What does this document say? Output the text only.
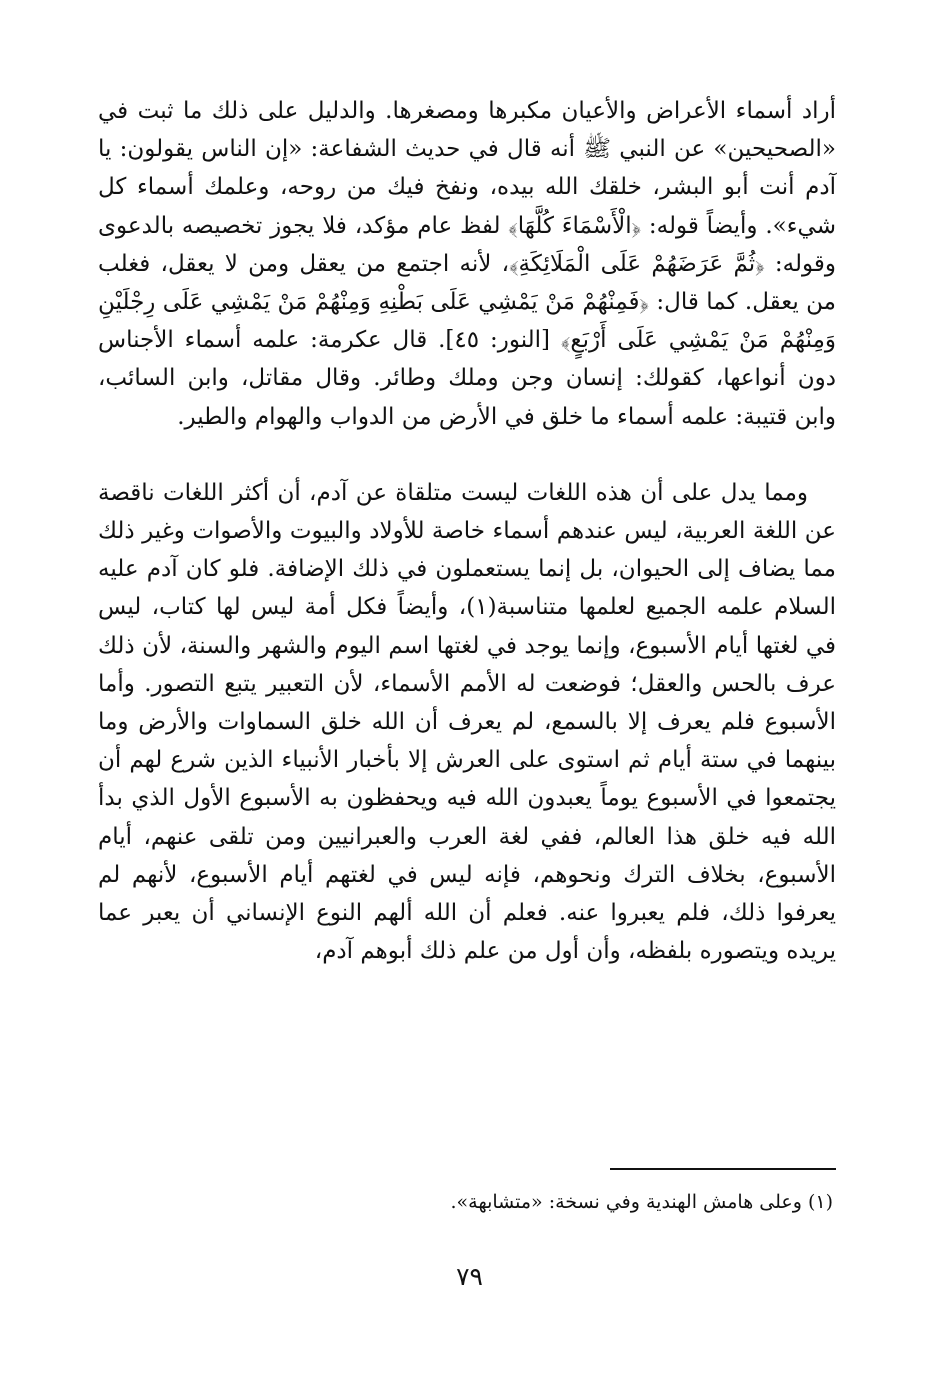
أراد أسماء الأعراض والأعيان مكبرها ومصغرها. والدليل على ذلك ما ثبت في «الصحيحين» عن النبي ﷺ أنه قال في حديث الشفاعة: «إن الناس يقولون: يا آدم أنت أبو البشر، خلقك الله بيده، ونفخ فيك من روحه، وعلمك أسماء كل شيء». وأيضاً قوله: ﴿الْأَسْمَاءَ كُلَّهَا﴾ لفظ عام مؤكد، فلا يجوز تخصيصه بالدعوى وقوله: ﴿ثُمَّ عَرَضَهُمْ عَلَى الْمَلَائِكَةِ﴾، لأنه اجتمع من يعقل ومن لا يعقل، فغلب من يعقل. كما قال: ﴿فَمِنْهُمْ مَنْ يَمْشِي عَلَى بَطْنِهِ وَمِنْهُمْ مَنْ يَمْشِي عَلَى رِجْلَيْنِ وَمِنْهُمْ مَنْ يَمْشِي عَلَى أَرْبَعٍ﴾ [النور: ٤٥]. قال عكرمة: علمه أسماء الأجناس دون أنواعها، كقولك: إنسان وجن وملك وطائر. وقال مقاتل، وابن السائب، وابن قتيبة: علمه أسماء ما خلق في الأرض من الدواب والهوام والطير.

ومما يدل على أن هذه اللغات ليست متلقاة عن آدم، أن أكثر اللغات ناقصة عن اللغة العربية، ليس عندهم أسماء خاصة للأولاد والبيوت والأصوات وغير ذلك مما يضاف إلى الحيوان، بل إنما يستعملون في ذلك الإضافة. فلو كان آدم عليه السلام علمه الجميع لعلمها متناسبة(١)، وأيضاً فكل أمة ليس لها كتاب، ليس في لغتها أيام الأسبوع، وإنما يوجد في لغتها اسم اليوم والشهر والسنة، لأن ذلك عرف بالحس والعقل؛ فوضعت له الأمم الأسماء، لأن التعبير يتبع التصور. وأما الأسبوع فلم يعرف إلا بالسمع، لم يعرف أن الله خلق السماوات والأرض وما بينهما في ستة أيام ثم استوى على العرش إلا بأخبار الأنبياء الذين شرع لهم أن يجتمعوا في الأسبوع يوماً يعبدون الله فيه ويحفظون به الأسبوع الأول الذي بدأ الله فيه خلق هذا العالم، ففي لغة العرب والعبرانيين ومن تلقى عنهم، أيام الأسبوع، بخلاف الترك ونحوهم، فإنه ليس في لغتهم أيام الأسبوع، لأنهم لم يعرفوا ذلك، فلم يعبروا عنه. فعلم أن الله ألهم النوع الإنساني أن يعبر عما يريده ويتصوره بلفظه، وأن أول من علم ذلك أبوهم آدم،

(١) وعلى هامش الهندية وفي نسخة: «متشابهة».

٧٩
